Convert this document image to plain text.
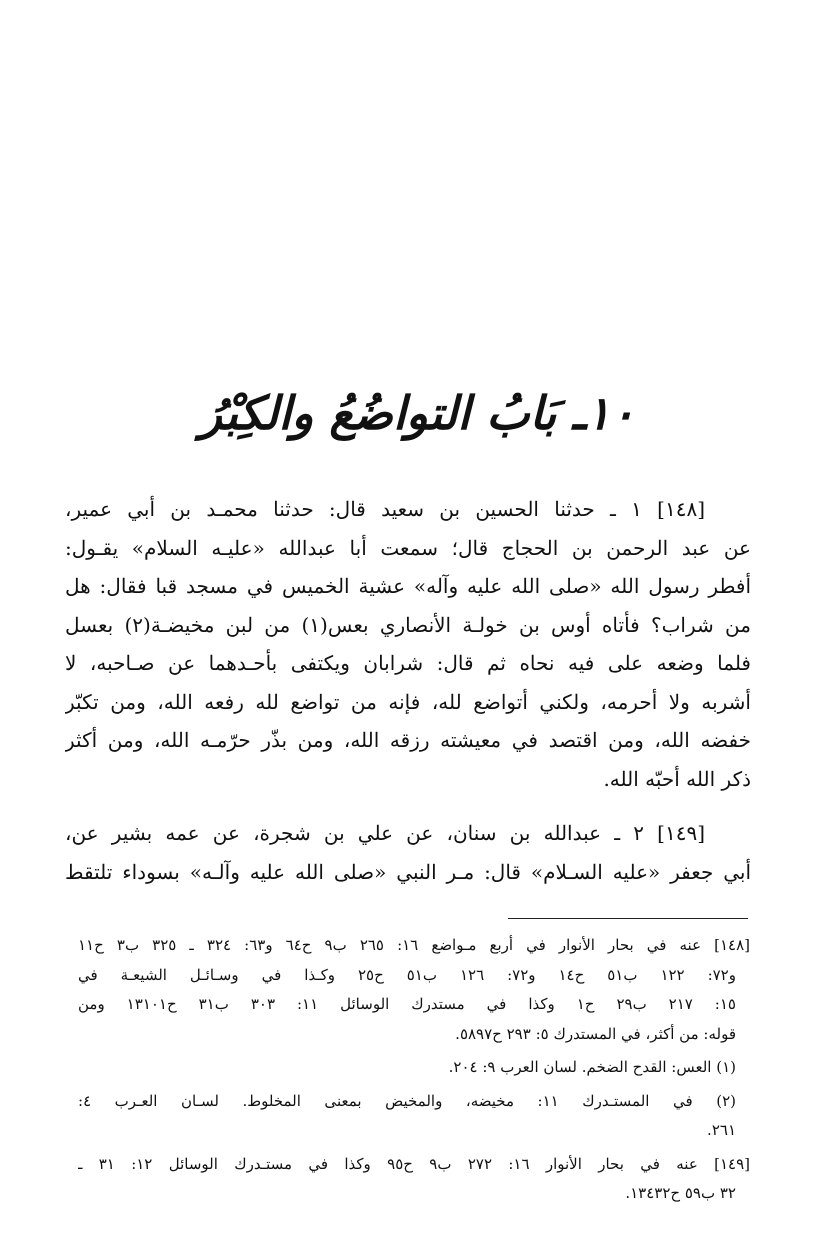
١٠ـ بَابُ التواضُعُ والكِبْرُ

[١٤٨] ١ ـ حدثنا الحسين بن سعيد قال: حدثنا محمـد بن أبي عمير،
عن عبد الرحمن بن الحجاج قال؛ سمعت أبا عبدالله «عليـه السلام» يقـول:
أفطر رسول الله «صلى الله عليه وآله» عشية الخميس في مسجد قبا فقال: هل
من شراب؟ فأتاه أوس بن خولـة الأنصاري بعس(١) من لبن مخيضـة(٢) بعسل
فلما وضعه على فيه نحاه ثم قال: شرابان ويكتفى بأحـدهما عن صـاحبه، لا
أشربه ولا أحرمه، ولكني أتواضع لله، فإنه من تواضع لله رفعه الله، ومن تكبّر
خفضه الله، ومن اقتصد في معيشته رزقه الله، ومن بذّر حرّمـه الله، ومن أكثر
ذكر الله أحبّه الله.

[١٤٩] ٢ ـ عبدالله بن سنان، عن علي بن شجرة، عن عمه بشير عن،
أبي جعفر «عليه السـلام» قال: مـر النبي «صلى الله عليه وآلـه» بسوداء تلتقط

[١٤٨] عنه في بحار الأنوار في أربع مـواضع ١٦: ٢٦٥ ب٩ ح٦٤ و٦٣: ٣٢٤ ـ ٣٢٥ ب٣ ح١١
و٧٢: ١٢٢ ب٥١ ح١٤ و٧٢: ١٢٦ ب٥١ ح٢٥ وكـذا في وسـائـل الشيعـة في
١٥: ٢١٧ ب٢٩ ح١ وكذا في مستدرك الوسائل ١١: ٣٠٣ ب٣١ ح١٣١٠١ ومن
قوله: من أكثر، في المستدرك ٥: ٢٩٣ ح٥٨٩٧.
(١) العس: القدح الضخم. لسان العرب ٩: ٢٠٤.
(٢) في المستـدرك ١١: مخيضه، والمخيض بمعنى المخلوط. لسـان العـرب ٤:
٢٦١.
[١٤٩] عنه في بحار الأنوار ١٦: ٢٧٢ ب٩ ح٩٥ وكذا في مستـدرك الوسائل ١٢: ٣١ ـ
٣٢ ب٥٩ ح١٣٤٣٢.
